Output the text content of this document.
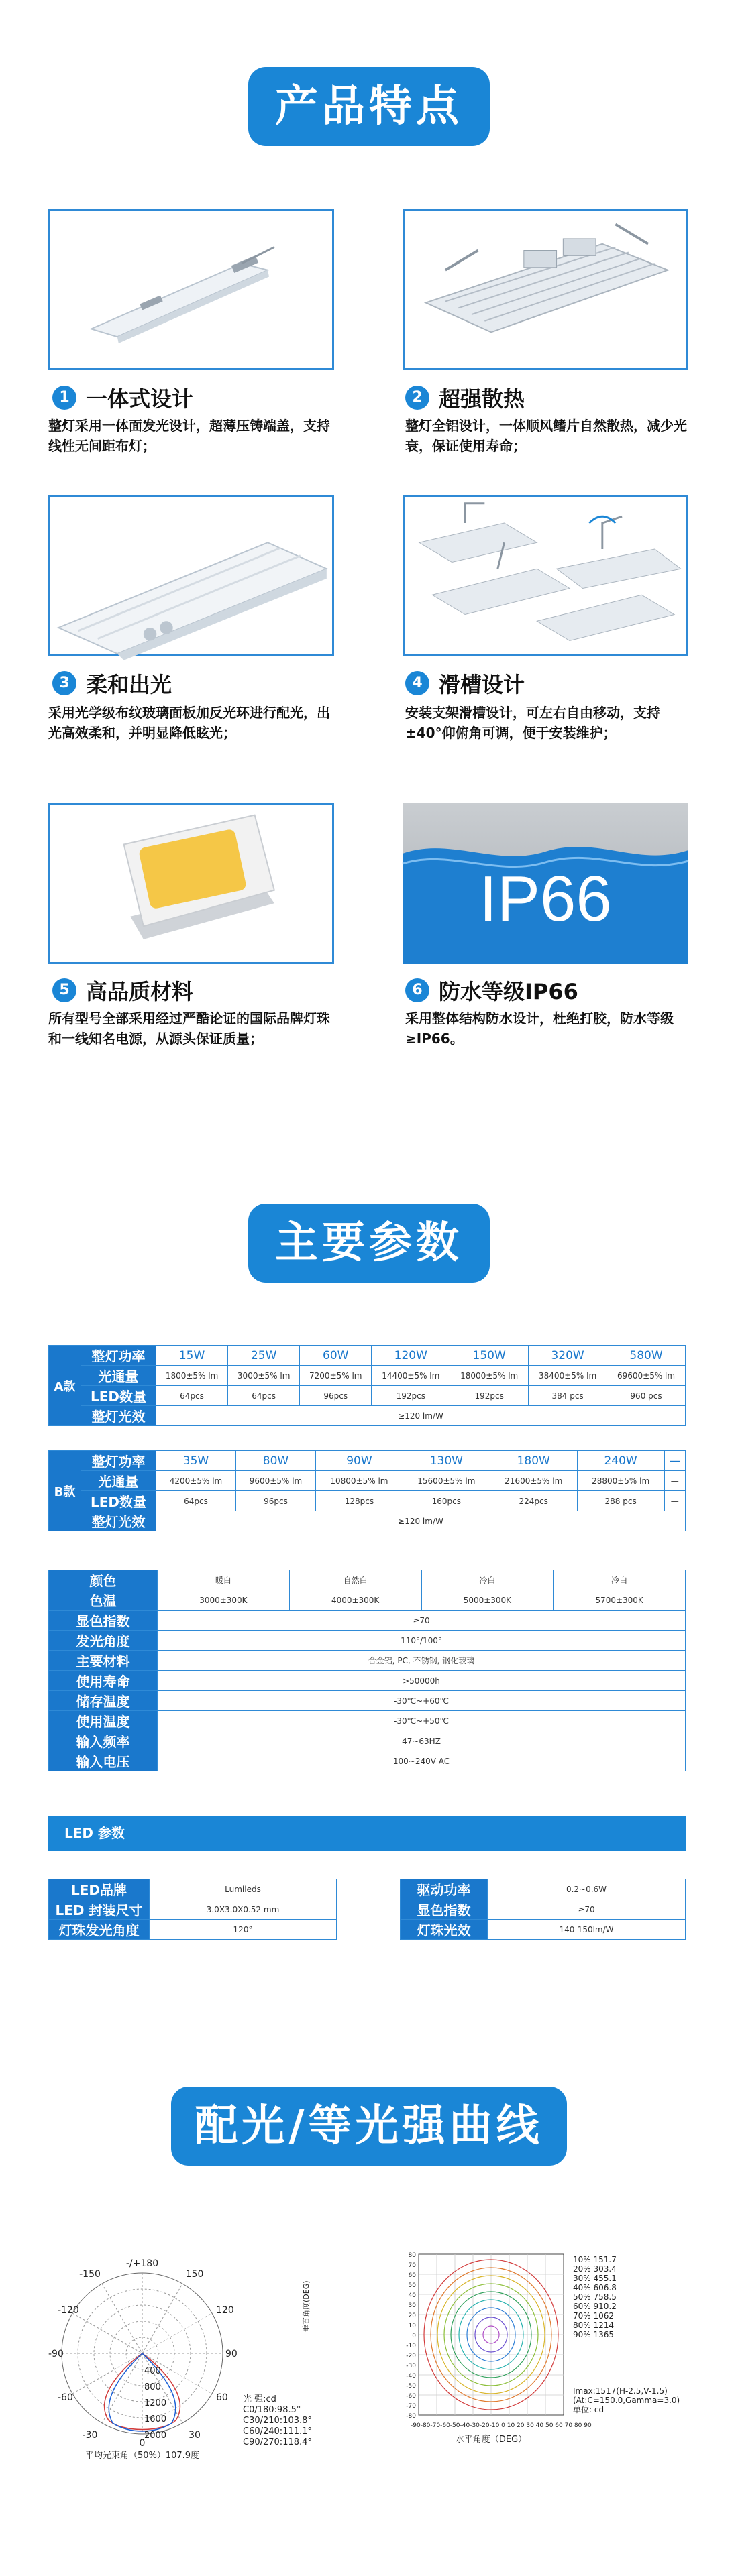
产品特点
1 一体式设计
整灯采用一体面发光设计，超薄压铸端盖，支持线性无间距布灯；
2 超强散热
整灯全铝设计，一体顺风鳍片自然散热，减少光衰，保证使用寿命；
3 柔和出光
采用光学级布纹玻璃面板加反光环进行配光，出光高效柔和，并明显降低眩光；
4 滑槽设计
安装支架滑槽设计，可左右自由移动，支持±40°仰俯角可调，便于安装维护；
5 高品质材料
所有型号全部采用经过严酷论证的国际品牌灯珠和一线知名电源，从源头保证质量；
IP66
6 防水等级IP66
采用整体结构防水设计，杜绝打胶，防水等级≥IP66。
主要参数
A款	整灯功率	15W	25W	60W	120W	150W	320W	580W
	光通量	1800±5% lm	3000±5% lm	7200±5% lm	14400±5% lm	18000±5% lm	38400±5% lm	69600±5% lm
	LED数量	64pcs	64pcs	96pcs	192pcs	192pcs	384 pcs	960 pcs
	整灯光效	≥120 lm/W						
B款	整灯功率	35W	80W	90W	130W	180W	240W	—
	光通量	4200±5% lm	9600±5% lm	10800±5% lm	15600±5% lm	21600±5% lm	28800±5% lm	—
	LED数量	64pcs	96pcs	128pcs	160pcs	224pcs	288 pcs	—
	整灯光效	≥120 lm/W						
颜色	暖白	自然白	冷白	冷白
色温	3000±300K	4000±300K	5000±300K	5700±300K
显色指数	≥70			
发光角度	110°/100°			
主要材料	合金铝, PC, 不锈钢, 钢化玻璃			
使用寿命	>50000h			
储存温度	-30℃~+60℃			
使用温度	-30℃~+50℃			
输入频率	47~63HZ			
输入电压	100~240V AC			
LED 参数
LED品牌	Lumileds
LED 封装尺寸	3.0X3.0X0.52 mm
灯珠发光角度	120°
驱动功率	0.2~0.6W
显色指数	≥70
灯珠光效	140-150lm/W
配光/等光强曲线
-/+180
-150	150
-120	120
-90	90
-60	60
-30	30
0
400
800
1200
1600
2000
光 强:cd
C0/180:98.5°
C30/210:103.8°
C60/240:111.1°
C90/270:118.4°
平均光束角（50%）107.9度
垂直角度(DEG)
-90-80-70-60-50-40-30-20-10 0 10 20 30 40 50 60 70 80 90
水平角度（DEG）
80
70
60
50
40
30
20
10
0
-10
-20
-30
-40
-50
-60
-70
-80
10% 151.7
20% 303.4
30% 455.1
40% 606.8
50% 758.5
60% 910.2
70% 1062
80% 1214
90% 1365
Imax:1517(H-2.5,V-1.5)
(At:C=150.0,Gamma=3.0)
单位: cd
